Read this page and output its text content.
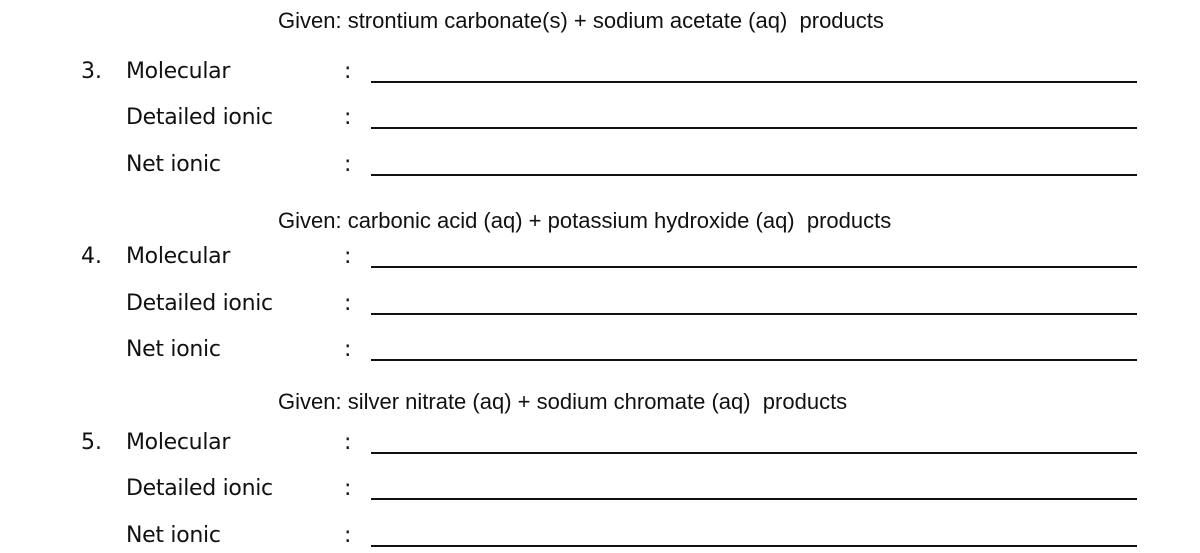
Given: strontium carbonate(s) + sodium acetate (aq)  products
3. Molecular	:
Detailed ionic	:
Net ionic	:
Given: carbonic acid (aq) + potassium hydroxide (aq)  products
4. Molecular	:
Detailed ionic	:
Net ionic	:
Given: silver nitrate (aq) + sodium chromate (aq)  products
5. Molecular	:
Detailed ionic	:
Net ionic	:
